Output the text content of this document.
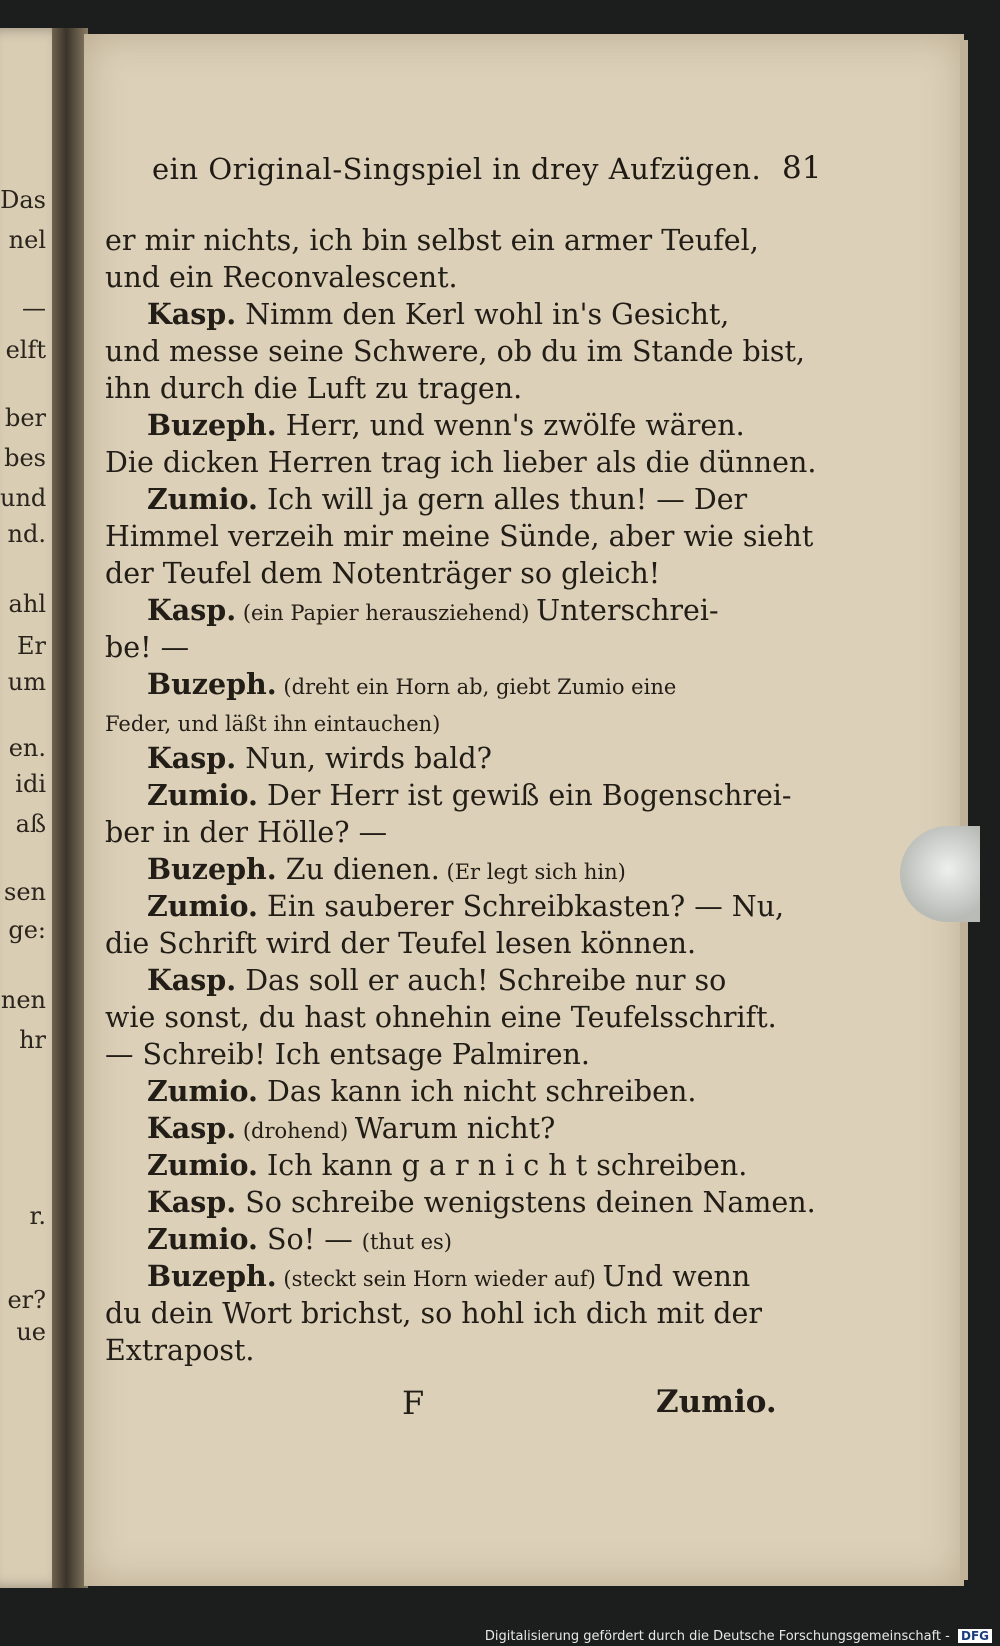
Das
nel
—
elft
ber
bes
und
nd.
ahl
Er
um
en.
idi
aß
sen
ge:
nen
hr
r.
er?
ue
ein Original-Singspiel in drey Aufzügen. 81
er mir nichts, ich bin selbst ein armer Teufel,
und ein Reconvalescent.
Kasp. Nimm den Kerl wohl in's Gesicht,
und messe seine Schwere, ob du im Stande bist,
ihn durch die Luft zu tragen.
Buzeph. Herr, und wenn's zwölfe wären.
Die dicken Herren trag ich lieber als die dünnen.
Zumio. Ich will ja gern alles thun! — Der
Himmel verzeih mir meine Sünde, aber wie sieht
der Teufel dem Notenträger so gleich!
Kasp. (ein Papier herausziehend) Unterschrei-
be! —
Buzeph. (dreht ein Horn ab, giebt Zumio eine
Feder, und läßt ihn eintauchen)
Kasp. Nun, wirds bald?
Zumio. Der Herr ist gewiß ein Bogenschrei-
ber in der Hölle? —
Buzeph. Zu dienen. (Er legt sich hin)
Zumio. Ein sauberer Schreibkasten? — Nu,
die Schrift wird der Teufel lesen können.
Kasp. Das soll er auch! Schreibe nur so
wie sonst, du hast ohnehin eine Teufelsschrift.
— Schreib! Ich entsage Palmiren.
Zumio. Das kann ich nicht schreiben.
Kasp. (drohend) Warum nicht?
Zumio. Ich kann g a r n i c h t schreiben.
Kasp. So schreibe wenigstens deinen Namen.
Zumio. So! — (thut es)
Buzeph. (steckt sein Horn wieder auf) Und wenn
du dein Wort brichst, so hohl ich dich mit der
Extrapost.
F	Zumio.
Digitalisierung gefördert durch die Deutsche Forschungsgemeinschaft - DFG
